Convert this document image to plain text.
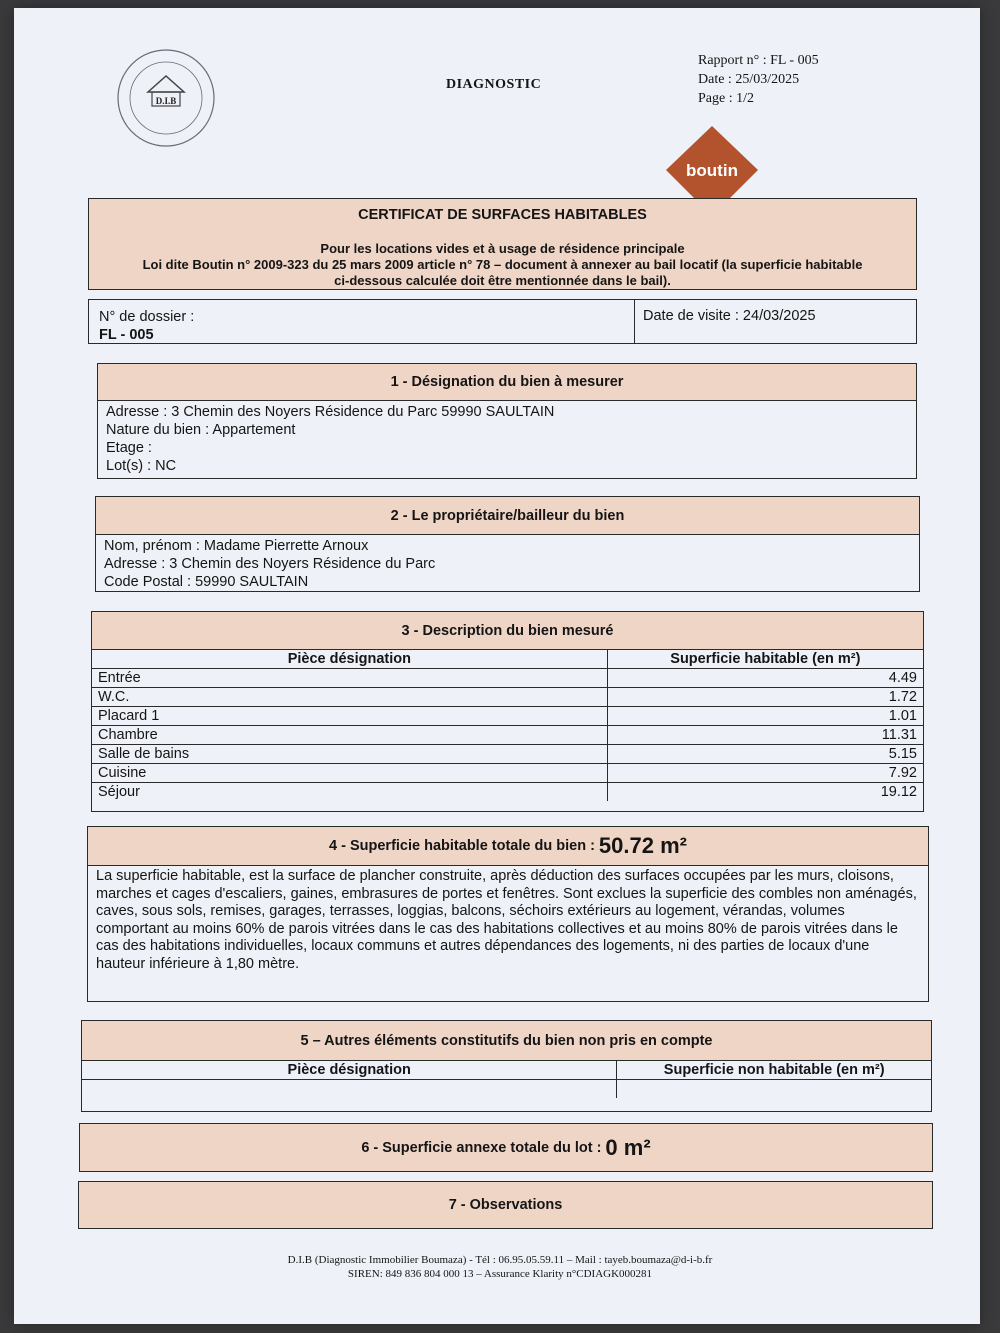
D.I.B
DIAGNOSTIC
Rapport n° : FL - 005
Date : 25/03/2025
Page : 1/2
boutin
CERTIFICAT DE SURFACES HABITABLES
Pour les locations vides et à usage de résidence principale
Loi dite Boutin n° 2009-323 du 25 mars 2009 article n° 78 – document à annexer au bail locatif (la superficie habitable
ci-dessous calculée doit être mentionnée dans le bail).
N° de dossier :
FL - 005
Date de visite : 24/03/2025
1 - Désignation du bien à mesurer
Adresse : 3 Chemin des Noyers Résidence du Parc 59990 SAULTAIN
Nature du bien : Appartement
Etage :
Lot(s) : NC
2 - Le propriétaire/bailleur du bien
Nom, prénom : Madame Pierrette Arnoux
Adresse : 3 Chemin des Noyers Résidence du Parc
Code Postal : 59990 SAULTAIN
3 - Description du bien mesuré
Pièce désignation	Superficie habitable (en m²)
Entrée	4.49
W.C.	1.72
Placard 1	1.01
Chambre	11.31
Salle de bains	5.15
Cuisine	7.92
Séjour	19.12
4 - Superficie habitable totale du bien : 50.72 m²
La superficie habitable, est la surface de plancher construite, après déduction des surfaces occupées par les murs, cloisons, marches et cages d'escaliers, gaines, embrasures de portes et fenêtres. Sont exclues la superficie des combles non aménagés, caves, sous sols, remises, garages, terrasses, loggias, balcons, séchoirs extérieurs au logement, vérandas, volumes comportant au moins 60% de parois vitrées dans le cas des habitations collectives et au moins 80% de parois vitrées dans le cas des habitations individuelles, locaux communs et autres dépendances des logements, ni des parties de locaux d'une hauteur inférieure à 1,80 mètre.
5 – Autres éléments constitutifs du bien non pris en compte
Pièce désignation	Superficie non habitable (en m²)

6 - Superficie annexe totale du lot : 0 m²
7 - Observations
D.I.B (Diagnostic Immobilier Boumaza) - Tél : 06.95.05.59.11 – Mail : tayeb.boumaza@d-i-b.fr
SIREN: 849 836 804 000 13 – Assurance Klarity n°CDIAGK000281
